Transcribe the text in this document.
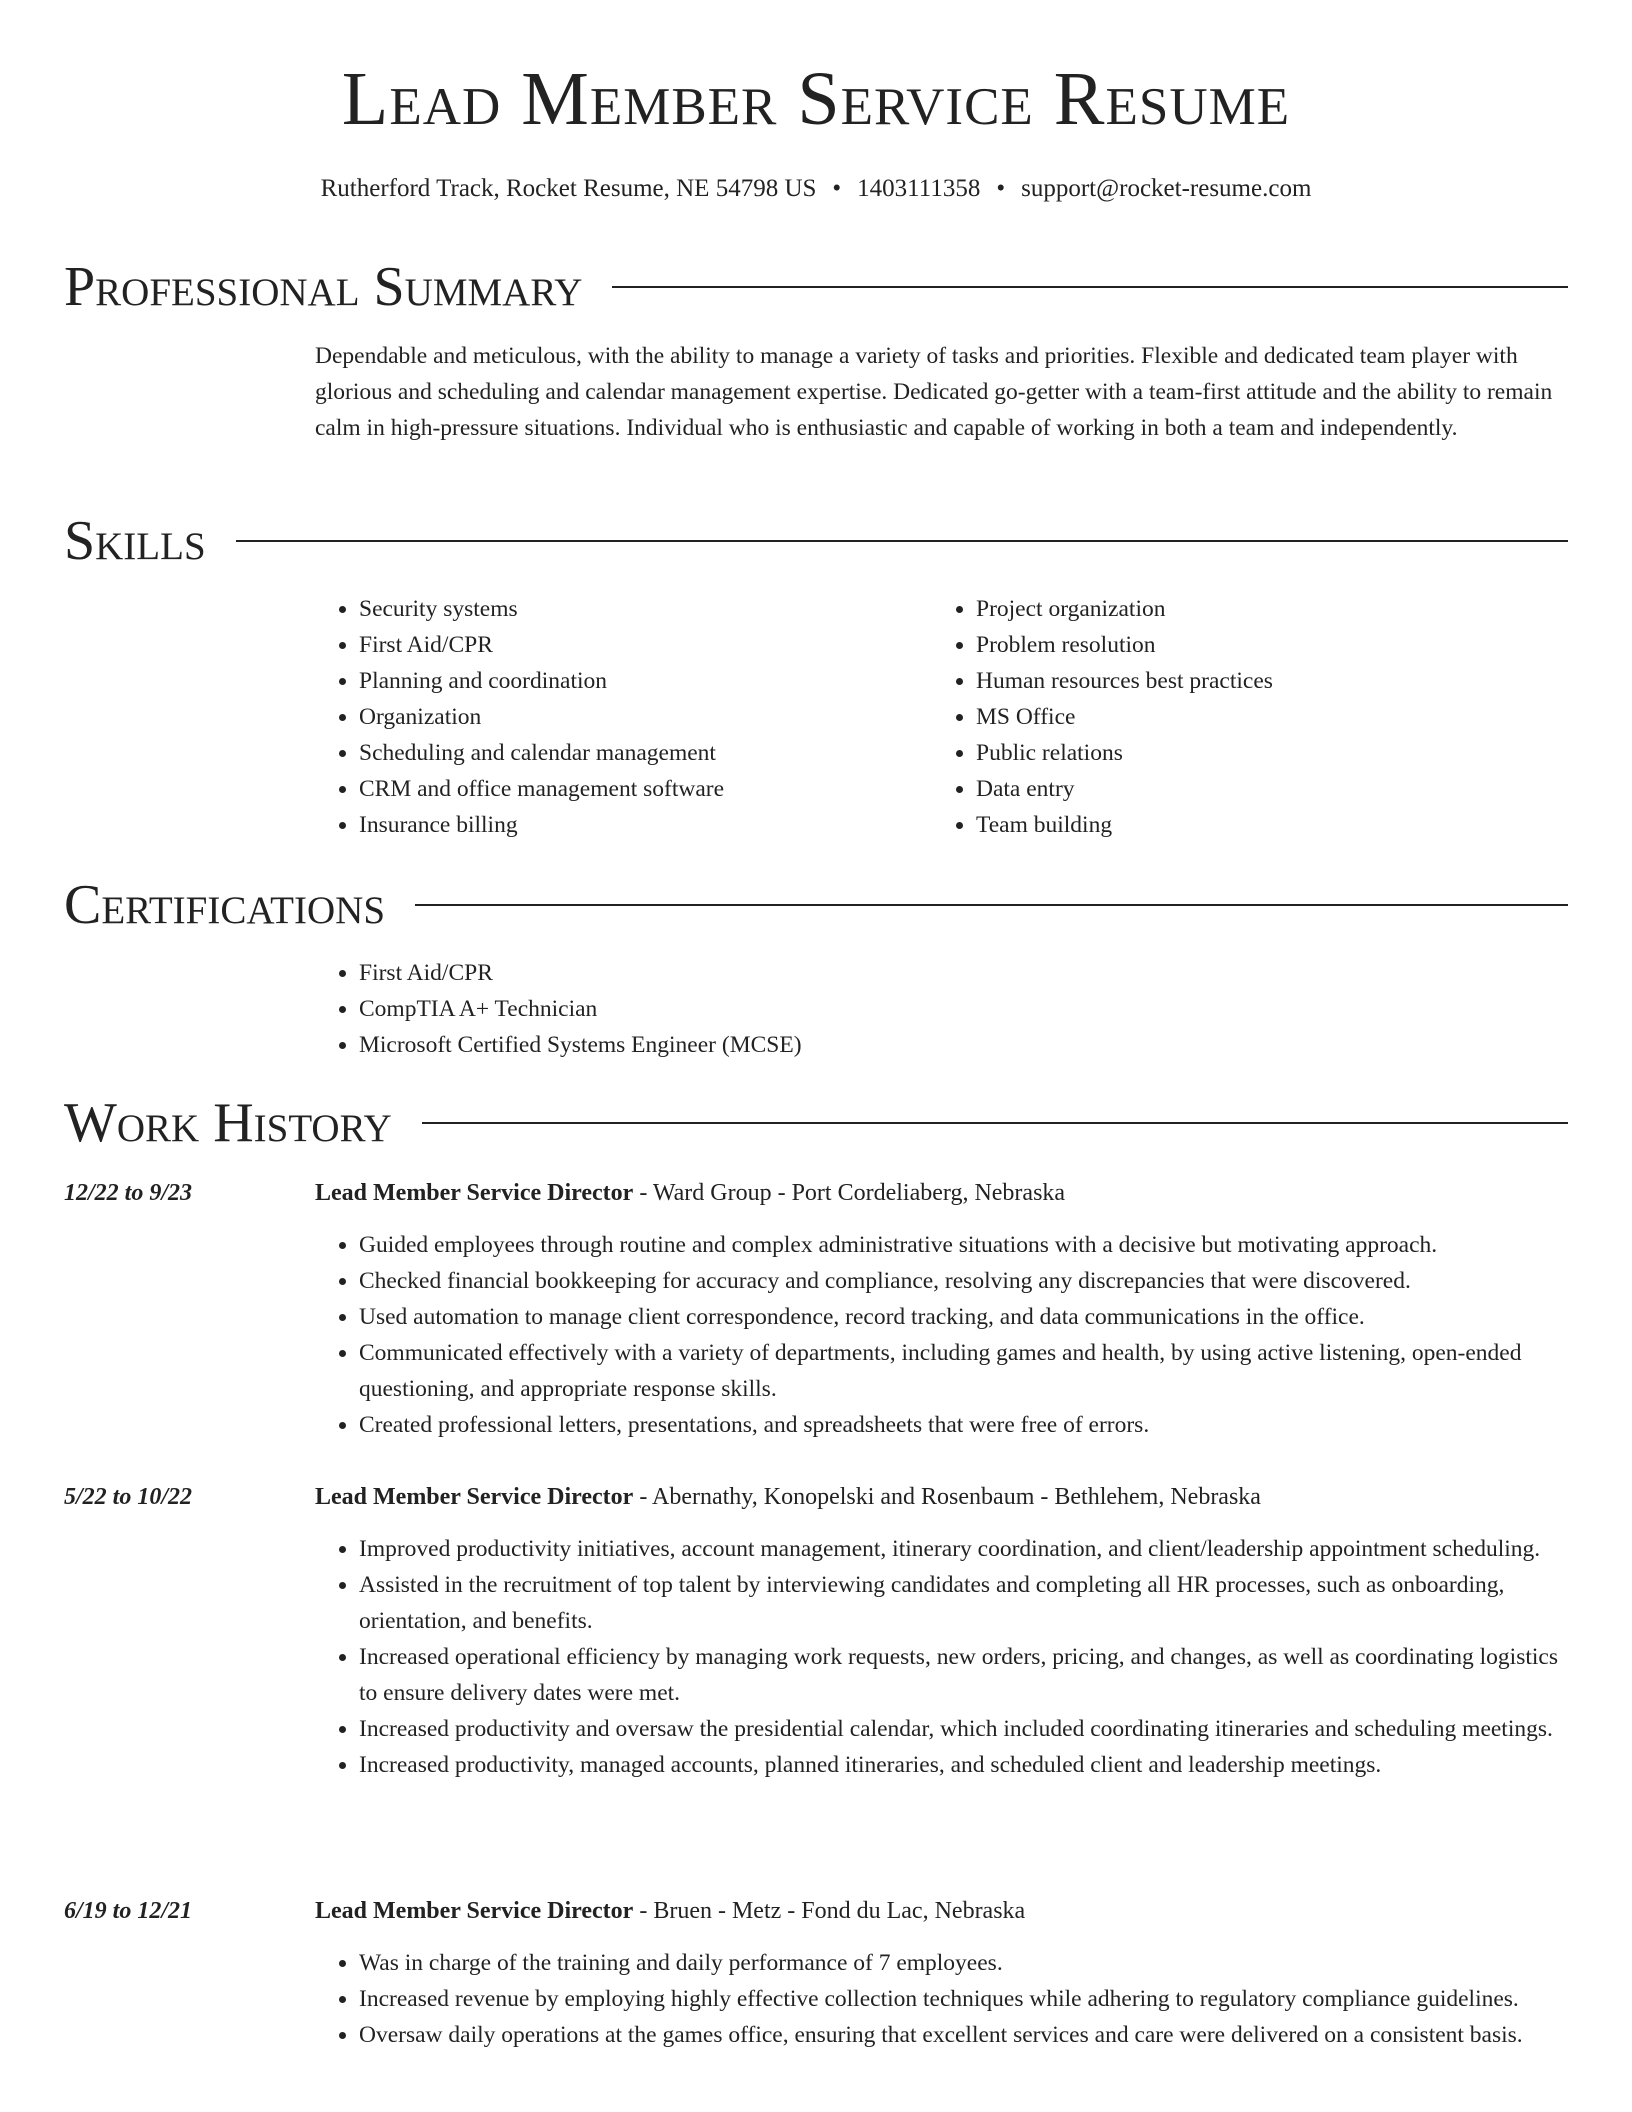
Lead Member Service Resume
Rutherford Track, Rocket Resume, NE 54798 US • 1403111358 • support@rocket-resume.com
Professional Summary

Dependable and meticulous, with the ability to manage a variety of tasks and priorities. Flexible and dedicated team player with glorious and scheduling and calendar management expertise. Dedicated go-getter with a team-first attitude and the ability to remain calm in high-pressure situations. Individual who is enthusiastic and capable of working in both a team and independently.

Skills
• Security systems
• First Aid/CPR
• Planning and coordination
• Organization
• Scheduling and calendar management
• CRM and office management software
• Insurance billing
• Project organization
• Problem resolution
• Human resources best practices
• MS Office
• Public relations
• Data entry
• Team building
Certifications
• First Aid/CPR
• CompTIA A+ Technician
• Microsoft Certified Systems Engineer (MCSE)
Work History
12/22 to 9/23	Lead Member Service Director - Ward Group - Port Cordeliaberg, Nebraska
• Guided employees through routine and complex administrative situations with a decisive but motivating approach.
• Checked financial bookkeeping for accuracy and compliance, resolving any discrepancies that were discovered.
• Used automation to manage client correspondence, record tracking, and data communications in the office.
• Communicated effectively with a variety of departments, including games and health, by using active listening, open-ended questioning, and appropriate response skills.
• Created professional letters, presentations, and spreadsheets that were free of errors.
5/22 to 10/22	Lead Member Service Director - Abernathy, Konopelski and Rosenbaum - Bethlehem, Nebraska
• Improved productivity initiatives, account management, itinerary coordination, and client/leadership appointment scheduling.
• Assisted in the recruitment of top talent by interviewing candidates and completing all HR processes, such as onboarding, orientation, and benefits.
• Increased operational efficiency by managing work requests, new orders, pricing, and changes, as well as coordinating logistics to ensure delivery dates were met.
• Increased productivity and oversaw the presidential calendar, which included coordinating itineraries and scheduling meetings.
• Increased productivity, managed accounts, planned itineraries, and scheduled client and leadership meetings.
6/19 to 12/21	Lead Member Service Director - Bruen - Metz - Fond du Lac, Nebraska
• Was in charge of the training and daily performance of 7 employees.
• Increased revenue by employing highly effective collection techniques while adhering to regulatory compliance guidelines.
• Oversaw daily operations at the games office, ensuring that excellent services and care were delivered on a consistent basis.
